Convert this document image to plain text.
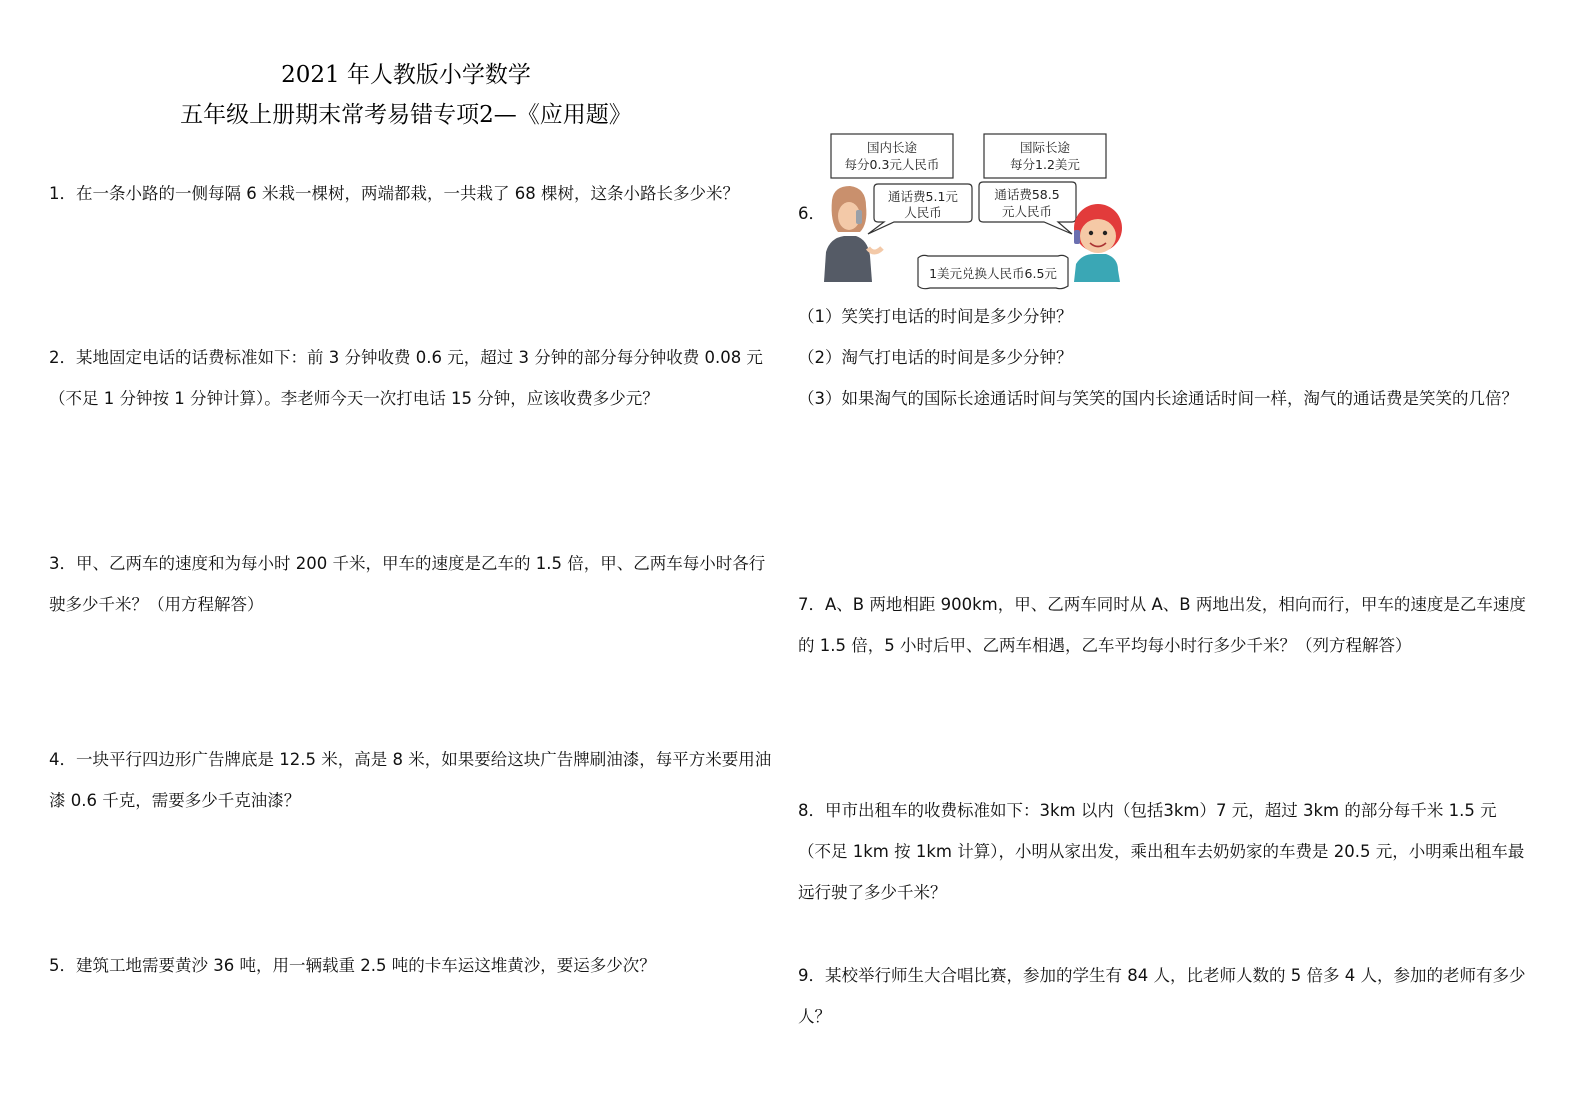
2021 年人教版小学数学
五年级上册期末常考易错专项2—《应用题》

1．在一条小路的一侧每隔 6 米栽一棵树，两端都栽，一共栽了 68 棵树，这条小路长多少米？

2．某地固定电话的话费标准如下：前 3 分钟收费 0.6 元，超过 3 分钟的部分每分钟收费 0.08 元（不足 1 分钟按 1 分钟计算）。李老师今天一次打电话 15 分钟，应该收费多少元？

3．甲、乙两车的速度和为每小时 200 千米，甲车的速度是乙车的 1.5 倍，甲、乙两车每小时各行驶多少千米？（用方程解答）

4．一块平行四边形广告牌底是 12.5 米，高是 8 米，如果要给这块广告牌刷油漆，每平方米要用油漆 0.6 千克，需要多少千克油漆？

5．建筑工地需要黄沙 36 吨，用一辆载重 2.5 吨的卡车运这堆黄沙，要运多少次？

6．
国内长途
每分0.3元人民币
国际长途
每分1.2美元
通话费5.1元
人民币
通话费58.5
元人民币
1美元兑换人民币6.5元

（1）笑笑打电话的时间是多少分钟？

（2）淘气打电话的时间是多少分钟？

（3）如果淘气的国际长途通话时间与笑笑的国内长途通话时间一样，淘气的通话费是笑笑的几倍？

7．A、B 两地相距 900km，甲、乙两车同时从 A、B 两地出发，相向而行，甲车的速度是乙车速度的 1.5 倍，5 小时后甲、乙两车相遇，乙车平均每小时行多少千米？（列方程解答）

8．甲市出租车的收费标准如下：3km 以内（包括3km）7 元，超过 3km 的部分每千米 1.5 元（不足 1km 按 1km 计算），小明从家出发，乘出租车去奶奶家的车费是 20.5 元，小明乘出租车最远行驶了多少千米？

9．某校举行师生大合唱比赛，参加的学生有 84 人，比老师人数的 5 倍多 4 人，参加的老师有多少人？
